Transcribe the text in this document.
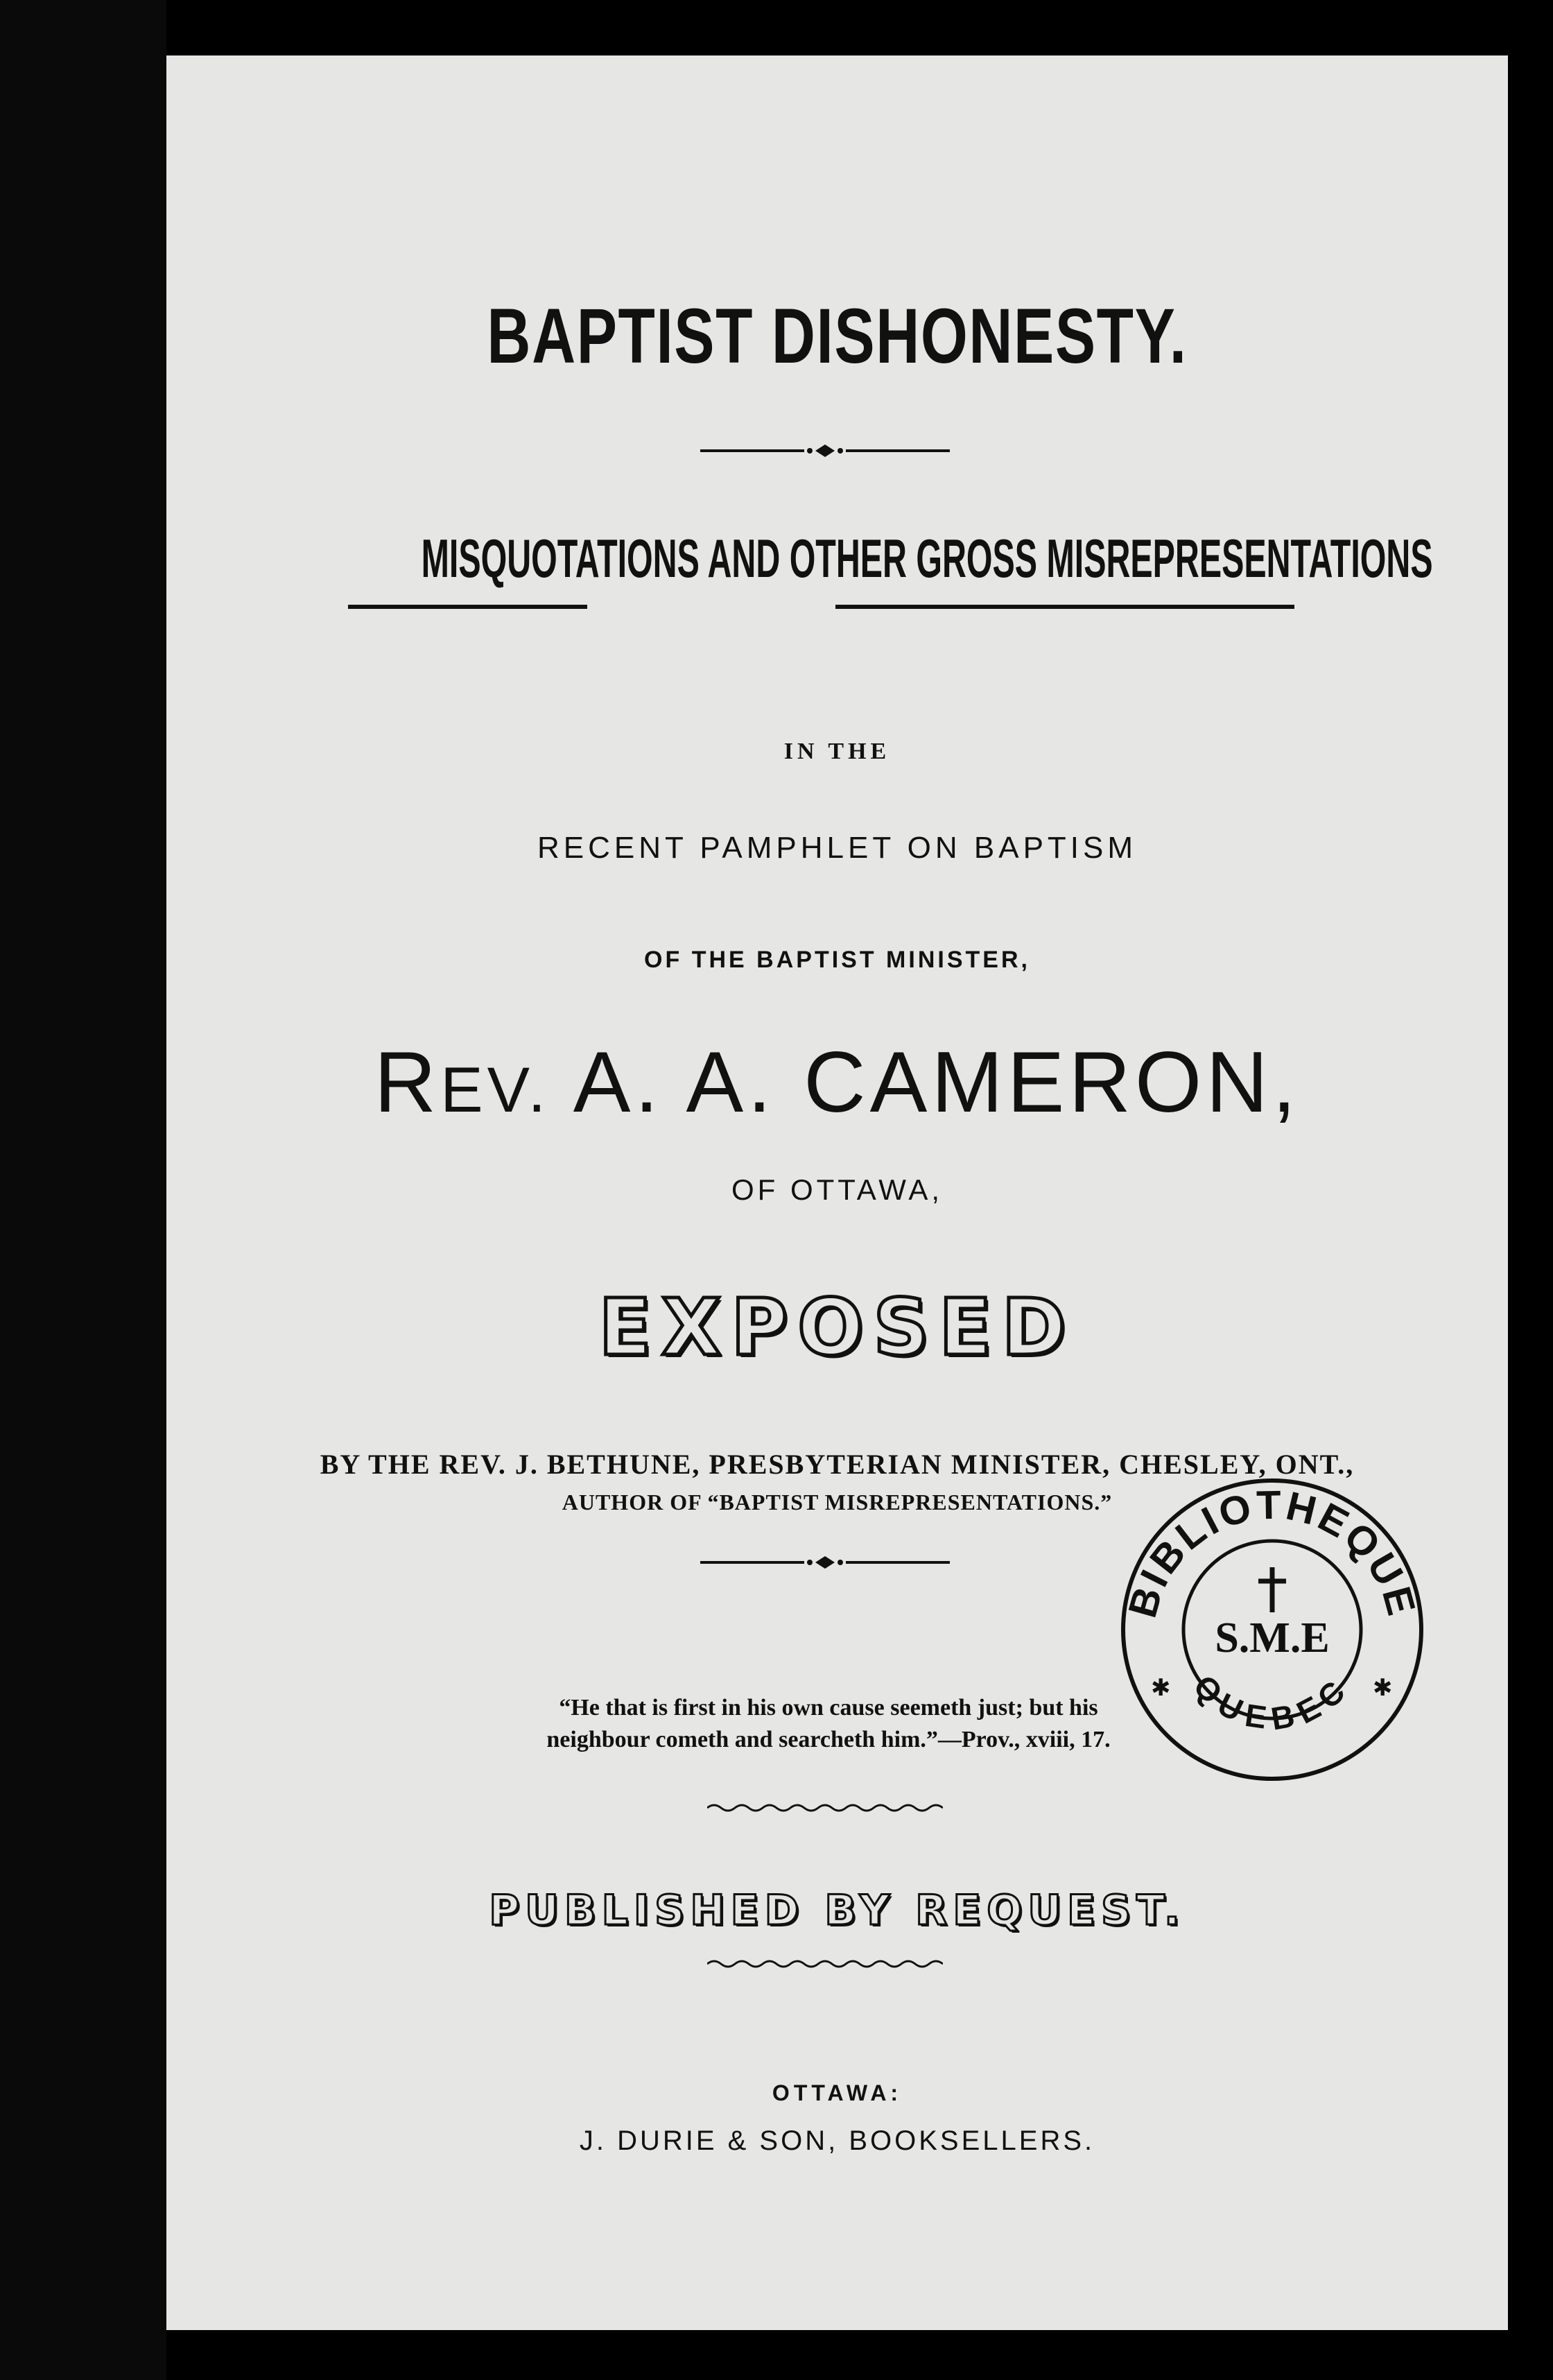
BAPTIST DISHONESTY.
MISQUOTATIONS AND OTHER GROSS MISREPRESENTATIONS
IN THE
RECENT PAMPHLET ON BAPTISM
OF THE BAPTIST MINISTER,
REV. A. A. CAMERON,
OF OTTAWA,
EXPOSED
BY THE REV. J. BETHUNE, PRESBYTERIAN MINISTER, CHESLEY, ONT.,
AUTHOR OF “BAPTIST MISREPRESENTATIONS.”
“He that is first in his own cause seemeth just; but his
neighbour cometh and searcheth him.”—Prov., xviii, 17.
PUBLISHED BY REQUEST.
OTTAWA:
J. DURIE & SON, BOOKSELLERS.
BIBLIOTHEQUE
QUEBEC
S.M.E
✱	✱
